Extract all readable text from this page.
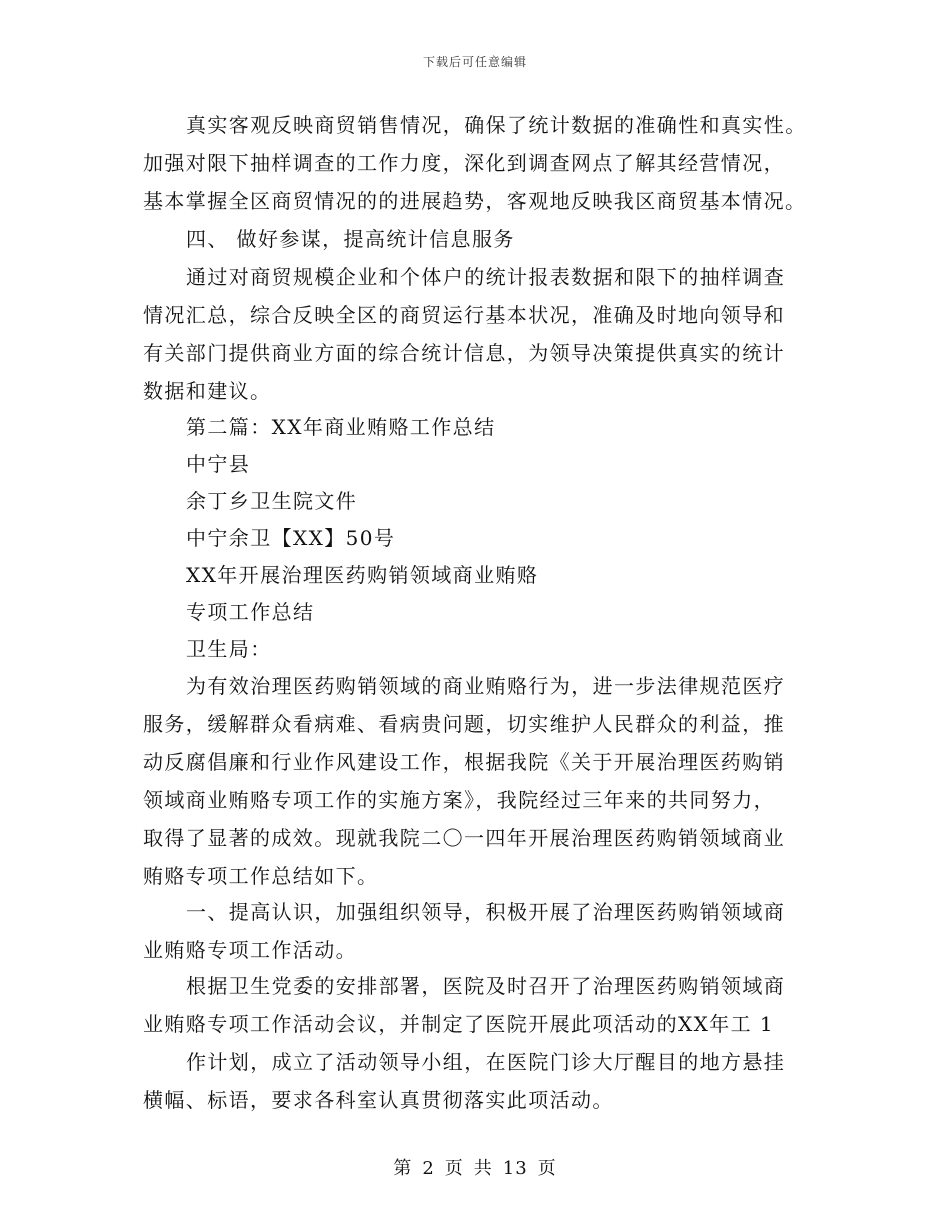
下载后可任意编辑
真实客观反映商贸销售情况，确保了统计数据的准确性和真实性。
加强对限下抽样调查的工作力度，深化到调查网点了解其经营情况，
基本掌握全区商贸情况的的进展趋势，客观地反映我区商贸基本情况。
四、 做好参谋，提高统计信息服务
通过对商贸规模企业和个体户的统计报表数据和限下的抽样调查
情况汇总，综合反映全区的商贸运行基本状况，准确及时地向领导和
有关部门提供商业方面的综合统计信息，为领导决策提供真实的统计
数据和建议。
第二篇：XX年商业贿赂工作总结
中宁县
余丁乡卫生院文件
中宁余卫【XX】50号
XX年开展治理医药购销领域商业贿赂
专项工作总结
卫生局：
为有效治理医药购销领域的商业贿赂行为，进一步法律规范医疗
服务，缓解群众看病难、看病贵问题，切实维护人民群众的利益，推
动反腐倡廉和行业作风建设工作，根据我院《关于开展治理医药购销
领域商业贿赂专项工作的实施方案》，我院经过三年来的共同努力，
取得了显著的成效。现就我院二〇一四年开展治理医药购销领域商业
贿赂专项工作总结如下。
一、提高认识，加强组织领导，积极开展了治理医药购销领域商
业贿赂专项工作活动。
根据卫生党委的安排部署，医院及时召开了治理医药购销领域商
业贿赂专项工作活动会议，并制定了医院开展此项活动的XX年工 1
作计划，成立了活动领导小组，在医院门诊大厅醒目的地方悬挂
横幅、标语，要求各科室认真贯彻落实此项活动。
第 2 页 共 13 页
